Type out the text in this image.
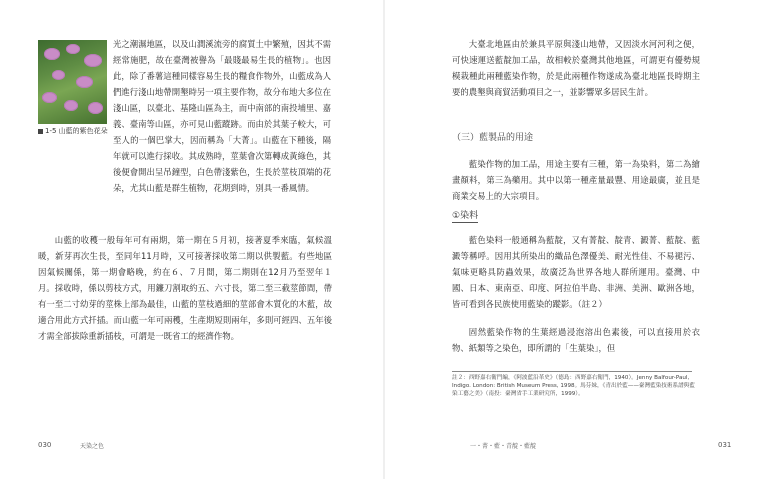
1-5 山藍的紫色花朵

光之潮濕地區，以及山澗溪流旁的腐質土中繁殖，因其不需經常施肥，故在臺灣被譽為「最賤最易生長的植物」。也因此，除了番薯這種同樣容易生長的糧食作物外，山藍成為人們進行淺山地帶開墾時另一項主要作物，故分布地大多位在淺山區，以臺北、基隆山區為主，而中南部的南投埔里、嘉義、臺南等山區，亦可見山藍蹤跡。而由於其葉子較大，可至人的一個巴掌大，因而稱為「大菁」。山藍在下種後，隔年就可以進行採收。其成熟時，莖葉會次第轉成黃綠色，其後便會開出呈吊鐘型，白色帶淺紫色，生長於莖枝頂端的花朵，尤其山藍是群生植物，花期到時，別具一番風情。

山藍的收穫一般每年可有兩期，第一期在５月初，接著夏季來臨，氣候溫暖，新芽再次生長，至同年11月時，又可接著採收第二期以供製藍。有些地區因氣候關係，第一期會略晚，約在６、７月間，第二期則在12月乃至翌年１月。採收時，係以剪枝方式，用鐮刀割取約五、六寸長，第二至三截莖節間，帶有一至二寸幼芽的莖株上部為最佳，山藍的莖枝過細的莖部會木質化的木藍，故適合用此方式扦插。而山藍一年可兩穫，生產期短則兩年，多則可經四、五年後才需全部拔除重新插枝，可謂是一既省工的經濟作物。

大臺北地區由於兼具平原與淺山地帶，又因淡水河河利之便，可快速運送藍靛加工品，故相較於臺灣其他地區，可謂更有優勢規模栽種此兩種藍染作物，於是此兩種作物遂成為臺北地區長時期主要的農墾與商貿活動項目之一，並影響眾多居民生計。

（三）藍製品的用途

藍染作物的加工品，用途主要有三種，第一為染料，第二為繪畫顏料，第三為藥用。其中以第一種產量最豐、用途最廣，並且是商業交易上的大宗項目。

①染料

藍色染料一般通稱為藍靛，又有菁靛、靛青、澱菁、藍靛、藍澱等稱呼。因用其所染出的織品色澤優美、耐光性佳、不易褪污、氣味更略具防蟲效果，故廣泛為世界各地人群所運用。臺灣、中國、日本、東南亞、印度、阿拉伯半島、非洲、美洲、歐洲各地，皆可看到各民族使用藍染的蹤影。（註２）

固然藍染作物的生葉經過浸泡溶出色素後，可以直接用於衣物、紙類等之染色，即所謂的「生葉染」，但

註２：西野嘉右衛門編，《阿波藍沿革史》（德島：西野嘉右衛門，1940）。Jenny Balfour-Paul, Indigo. London: British Museum Press, 1998。馬芬妹，《青出於藍——臺灣藍染技術系譜與藍染工藝之美》（南投：臺灣省手工業研究所，1999）。
030	天染之色	一・菁・藍・青靛・藍靛	031
